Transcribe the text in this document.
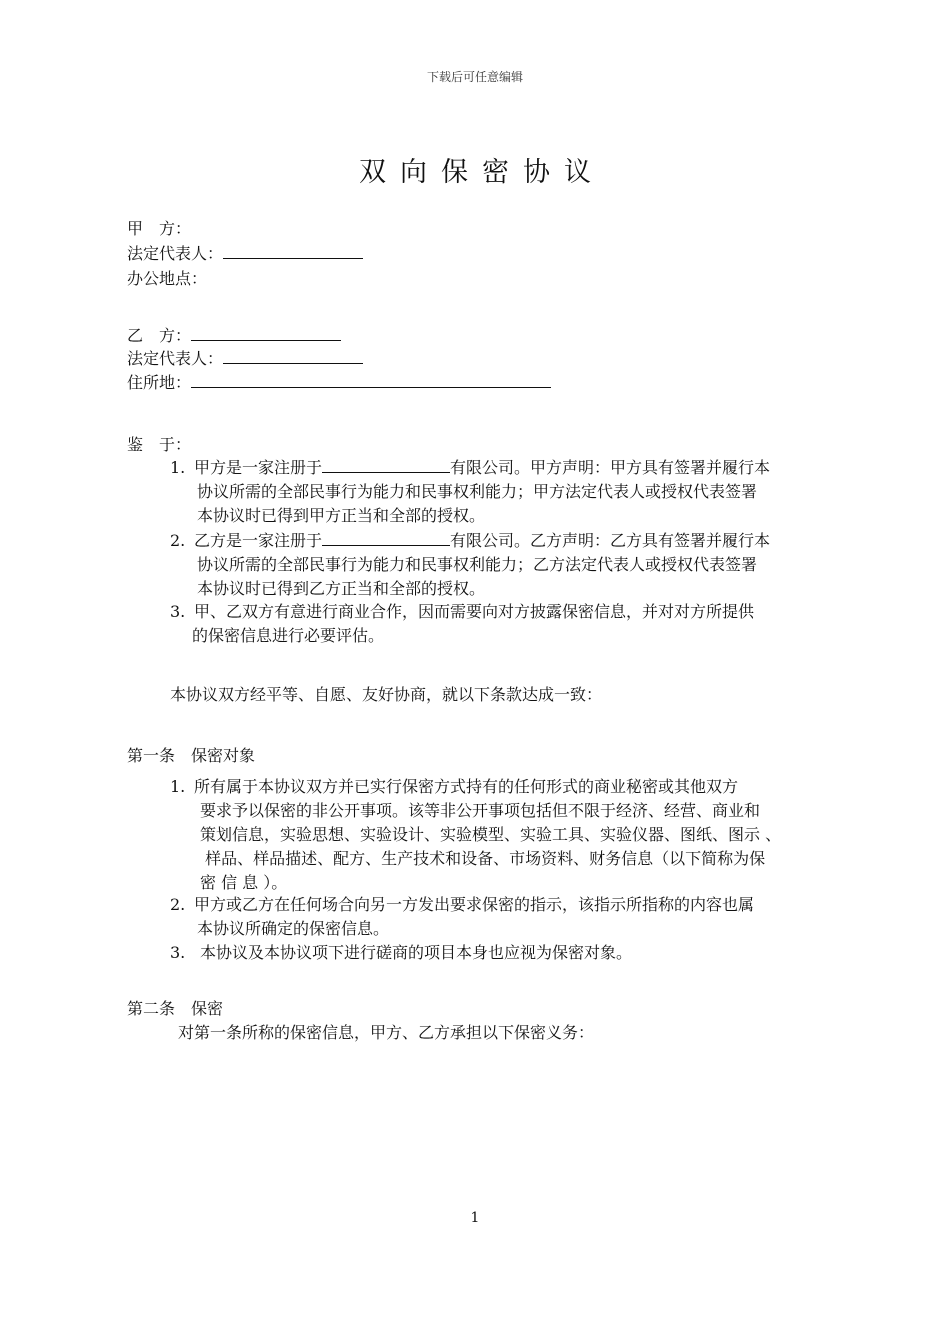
下载后可任意编辑
双向保密协议
甲　方：
法定代表人：
办公地点：
乙　方：
法定代表人：
住所地：
鉴　于：
1. 甲方是一家注册于	有限公司。甲方声明：甲方具有签署并履行本
协议所需的全部民事行为能力和民事权利能力；甲方法定代表人或授权代表签署
本协议时已得到甲方正当和全部的授权。
2. 乙方是一家注册于	有限公司。乙方声明：乙方具有签署并履行本
协议所需的全部民事行为能力和民事权利能力；乙方法定代表人或授权代表签署
本协议时已得到乙方正当和全部的授权。
3. 甲、乙双方有意进行商业合作，因而需要向对方披露保密信息，并对对方所提供
的保密信息进行必要评估。
本协议双方经平等、自愿、友好协商，就以下条款达成一致：
第一条　保密对象
1. 所有属于本协议双方并已实行保密方式持有的任何形式的商业秘密或其他双方
要求予以保密的非公开事项。该等非公开事项包括但不限于经济、经营、商业和
策划信息，实验思想、实验设计、实验模型、实验工具、实验仪器、图纸、图示 、
样品、样品描述、配方、生产技术和设备、市场资料、财务信息（以下简称为保
密 信 息 ）。
2. 甲方或乙方在任何场合向另一方发出要求保密的指示，该指示所指称的内容也属
本协议所确定的保密信息。
3. 本协议及本协议项下进行磋商的项目本身也应视为保密对象。
第二条　保密
对第一条所称的保密信息，甲方、乙方承担以下保密义务：
1
